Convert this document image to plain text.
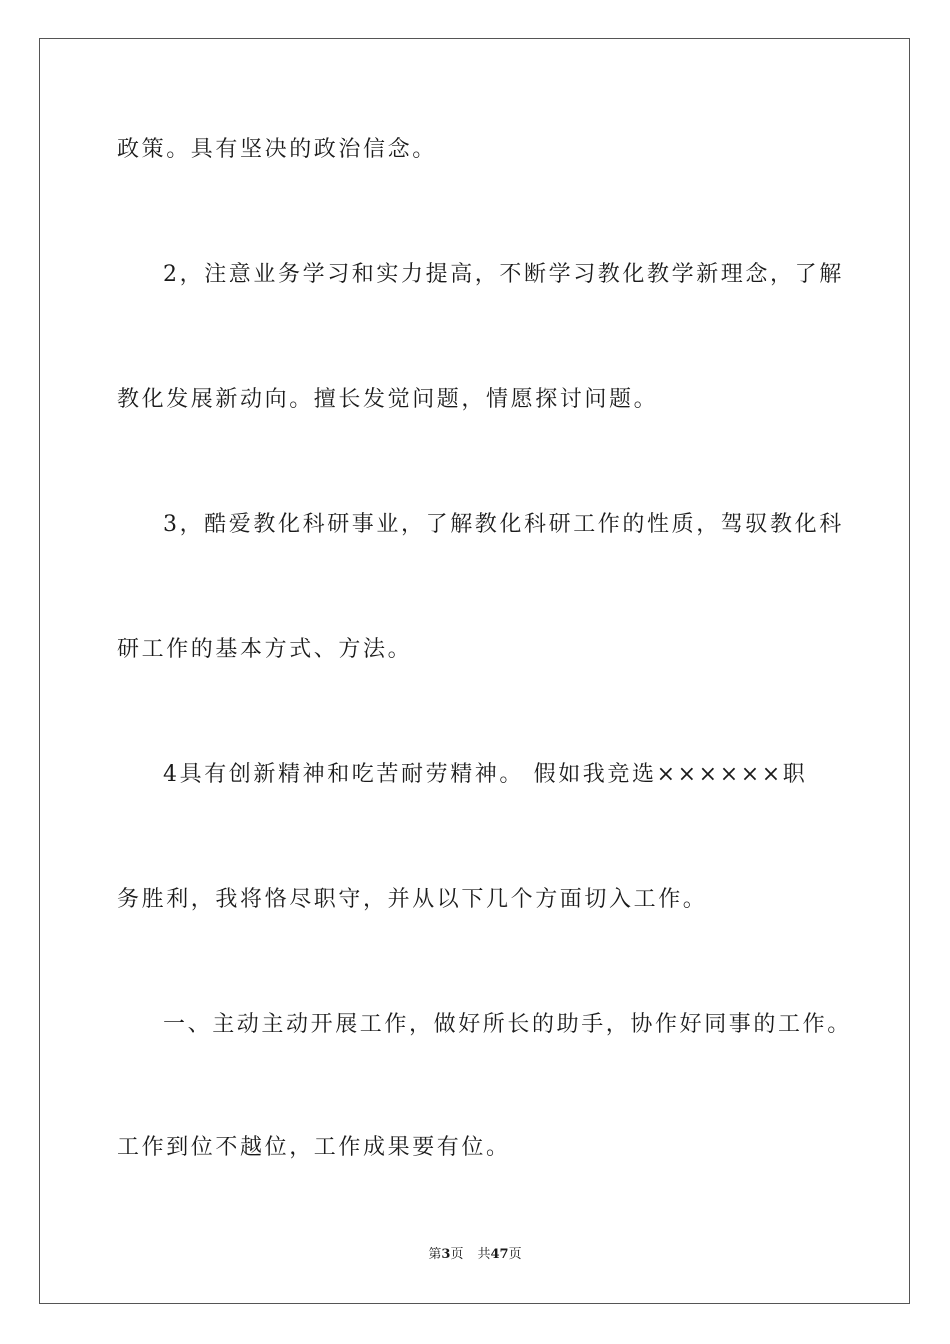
政策。具有坚决的政治信念。
2，注意业务学习和实力提高，不断学习教化教学新理念，了解
教化发展新动向。擅长发觉问题，情愿探讨问题。
3，酷爱教化科研事业，了解教化科研工作的性质，驾驭教化科
研工作的基本方式、方法。
4具有创新精神和吃苦耐劳精神。 假如我竞选××××××职
务胜利，我将恪尽职守，并从以下几个方面切入工作。
一、主动主动开展工作，做好所长的助手，协作好同事的工作。
工作到位不越位，工作成果要有位。
第3页 共47页
